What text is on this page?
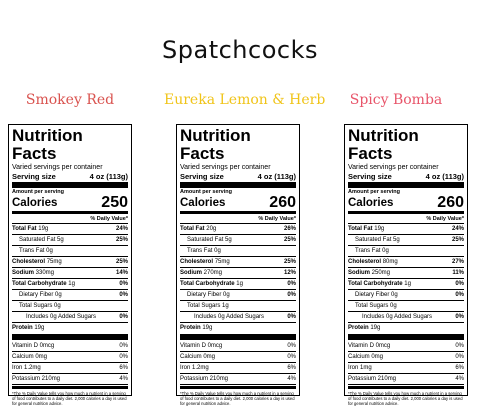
Spatchcocks
Smokey Red
Nutrition Facts
Varied servings per container
Serving size	4 oz (113g)
Amount per serving
Calories	250
% Daily Value*
Total Fat 19g	24%
Saturated Fat 5g	25%
Trans Fat 0g
Cholesterol 75mg	25%
Sodium 330mg	14%
Total Carbohydrate 1g	0%
Dietary Fiber 0g	0%
Total Sugars 0g
Includes 0g Added Sugars	0%
Protein 19g
Vitamin D 0mcg	0%
Calcium 0mg	0%
Iron 1.2mg	6%
Potassium 210mg	4%
*The % Daily Value tells you how much a nutrient in a serving of food contributes to a daily diet. 2,000 calories a day is used for general nutrition advice.
Eureka Lemon & Herb
Nutrition Facts
Varied servings per container
Serving size	4 oz (113g)
Amount per serving
Calories	260
% Daily Value*
Total Fat 20g	26%
Saturated Fat 5g	25%
Trans Fat 0g
Cholesterol 75mg	25%
Sodium 270mg	12%
Total Carbohydrate 1g	0%
Dietary Fiber 0g	0%
Total Sugars 1g
Includes 0g Added Sugars	0%
Protein 19g
Vitamin D 0mcg	0%
Calcium 0mg	0%
Iron 1.2mg	6%
Potassium 210mg	4%
*The % Daily Value tells you how much a nutrient in a serving of food contributes to a daily diet. 2,000 calories a day is used for general nutrition advice.
Spicy Bomba
Nutrition Facts
Varied servings per container
Serving size	4 oz (113g)
Amount per serving
Calories	260
% Daily Value*
Total Fat 19g	24%
Saturated Fat 5g	25%
Trans Fat 0g
Cholesterol 80mg	27%
Sodium 250mg	11%
Total Carbohydrate 1g	0%
Dietary Fiber 0g	0%
Total Sugars 0g
Includes 0g Added Sugars	0%
Protein 19g
Vitamin D 0mcg	0%
Calcium 0mg	0%
Iron 1mg	6%
Potassium 210mg	4%
*The % Daily Value tells you how much a nutrient in a serving of food contributes to a daily diet. 2,000 calories a day is used for general nutrition advice.
